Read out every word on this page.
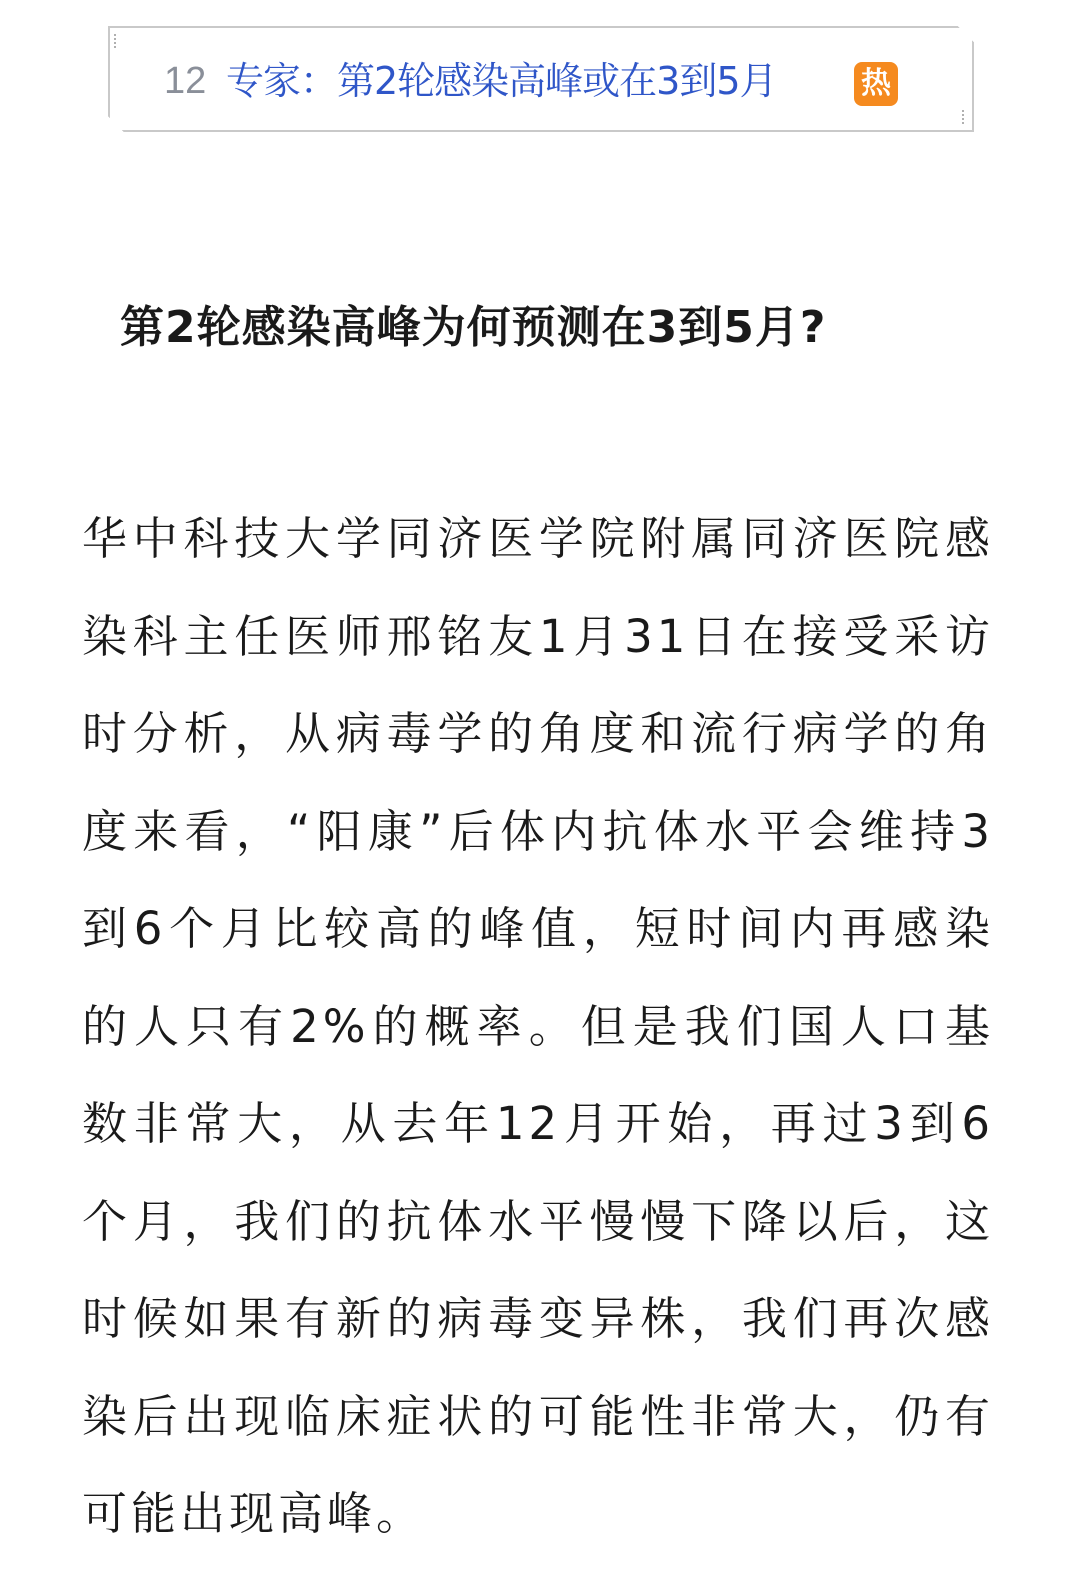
12 专家：第2轮感染高峰或在3到5月	热
第2轮感染高峰为何预测在3到5月?
华中科技大学同济医学院附属同济医院感染科主任医师邢铭友1月31日在接受采访时分析，从病毒学的角度和流行病学的角度来看，“阳康”后体内抗体水平会维持3到6个月比较高的峰值，短时间内再感染的人只有2%的概率。但是我们国人口基数非常大，从去年12月开始，再过3到6个月，我们的抗体水平慢慢下降以后，这时候如果有新的病毒变异株，我们再次感染后出现临床症状的可能性非常大，仍有可能出现高峰。
